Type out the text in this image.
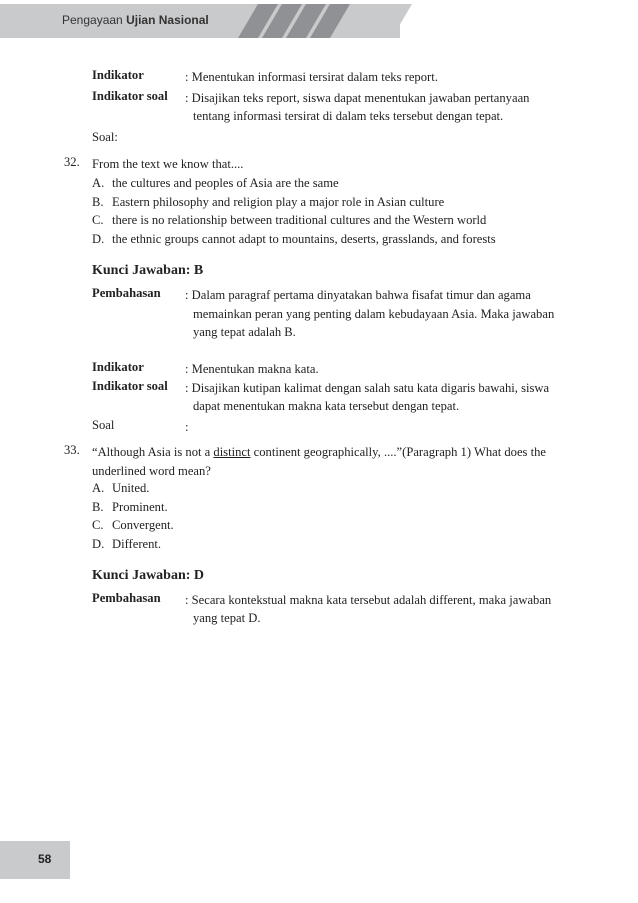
Pengayaan Ujian Nasional
Indikator	: Menentukan informasi tersirat dalam teks report.
Indikator soal : Disajikan teks report, siswa dapat menentukan jawaban pertanyaan
tentang informasi tersirat di dalam teks tersebut dengan tepat.
Soal:
32. From the text we know that....
A. the cultures and peoples of Asia are the same
B. Eastern philosophy and religion play a major role in Asian culture
C. there is no relationship between traditional cultures and the Western world
D. the ethnic groups cannot adapt to mountains, deserts, grasslands, and forests
Kunci Jawaban: B
Pembahasan : Dalam paragraf pertama dinyatakan bahwa fisafat timur dan agama
memainkan peran yang penting dalam kebudayaan Asia. Maka jawaban
yang tepat adalah B.
Indikator	: Menentukan makna kata.
Indikator soal : Disajikan kutipan kalimat dengan salah satu kata digaris bawahi, siswa
dapat menentukan makna kata tersebut dengan tepat.
Soal	:
33. “Although Asia is not a distinct continent geographically, ....”(Paragraph 1) What does the
underlined word mean?
A. United.
B. Prominent.
C. Convergent.
D. Different.
Kunci Jawaban: D
Pembahasan : Secara kontekstual makna kata tersebut adalah different, maka jawaban
yang tepat D.
58
